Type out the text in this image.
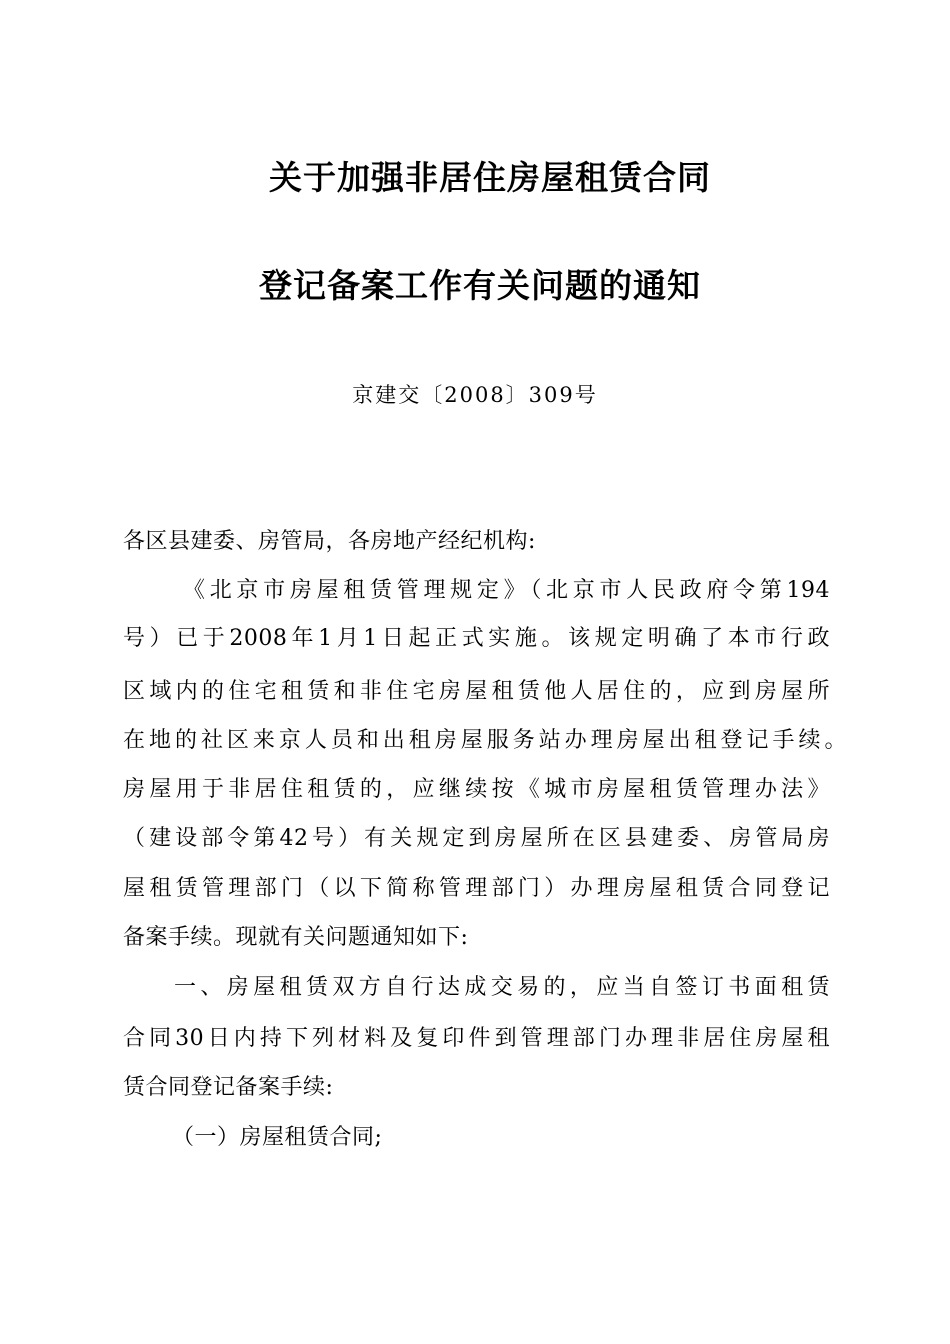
关于加强非居住房屋租赁合同
登记备案工作有关问题的通知
京建交〔2008〕309号
各区县建委、房管局，各房地产经纪机构:
《北京市房屋租赁管理规定》（北京市人民政府令第194
号）已于2008年1月1日起正式实施。该规定明确了本市行政
区域内的住宅租赁和非住宅房屋租赁他人居住的，应到房屋所
在地的社区来京人员和出租房屋服务站办理房屋出租登记手续。
房屋用于非居住租赁的，应继续按《城市房屋租赁管理办法》
（建设部令第42号）有关规定到房屋所在区县建委、房管局房
屋租赁管理部门（以下简称管理部门）办理房屋租赁合同登记
备案手续。现就有关问题通知如下:
一、房屋租赁双方自行达成交易的，应当自签订书面租赁
合同30日内持下列材料及复印件到管理部门办理非居住房屋租
赁合同登记备案手续:
（一）房屋租赁合同;
